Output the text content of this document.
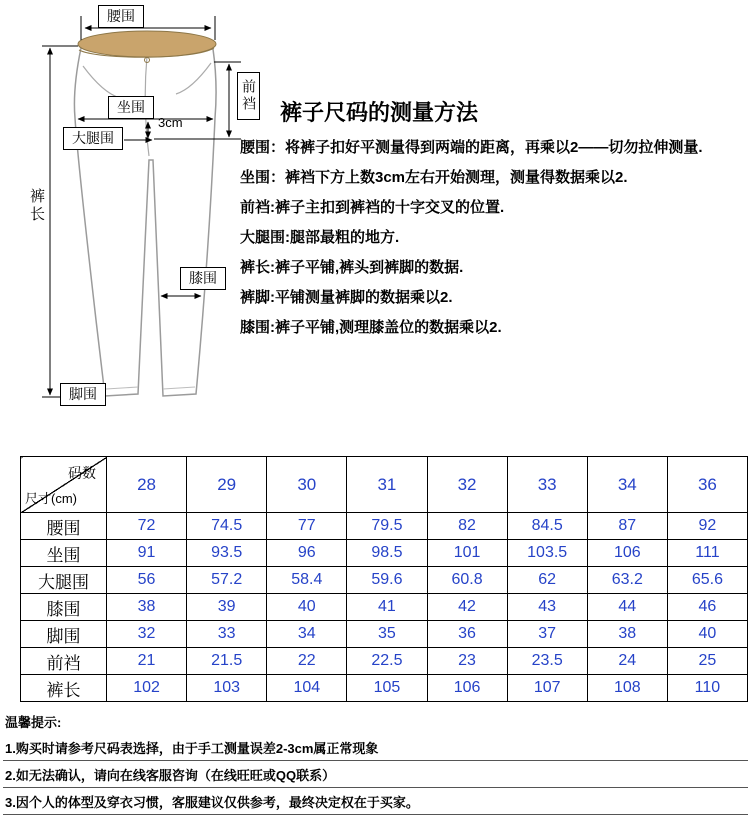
腰围
前裆
坐围
3cm
大腿围
裤长
膝围
脚围
裤子尺码的测量方法

腰围：将裤子扣好平测量得到两端的距离，再乘以2——切勿拉伸测量.

坐围：裤裆下方上数3cm左右开始测理，测量得数据乘以2.

前裆:裤子主扣到裤裆的十字交叉的位置.

大腿围:腿部最粗的地方.

裤长:裤子平铺,裤头到裤脚的数据.

裤脚:平铺测量裤脚的数据乘以2.

膝围:裤子平铺,测理膝盖位的数据乘以2.

码数
尺寸(cm)	28	29	30	31	32	33	34	36
腰围	72	74.5	77	79.5	82	84.5	87	92
坐围	91	93.5	96	98.5	101	103.5	106	111
大腿围	56	57.2	58.4	59.6	60.8	62	63.2	65.6
膝围	38	39	40	41	42	43	44	46
脚围	32	33	34	35	36	37	38	40
前裆	21	21.5	22	22.5	23	23.5	24	25
裤长	102	103	104	105	106	107	108	110
温馨提示:
1.购买时请参考尺码表选择，由于手工测量误差2-3cm属正常现象
2.如无法确认，请向在线客服咨询（在线旺旺或QQ联系）
3.因个人的体型及穿衣习惯，客服建议仅供参考，最终决定权在于买家。
